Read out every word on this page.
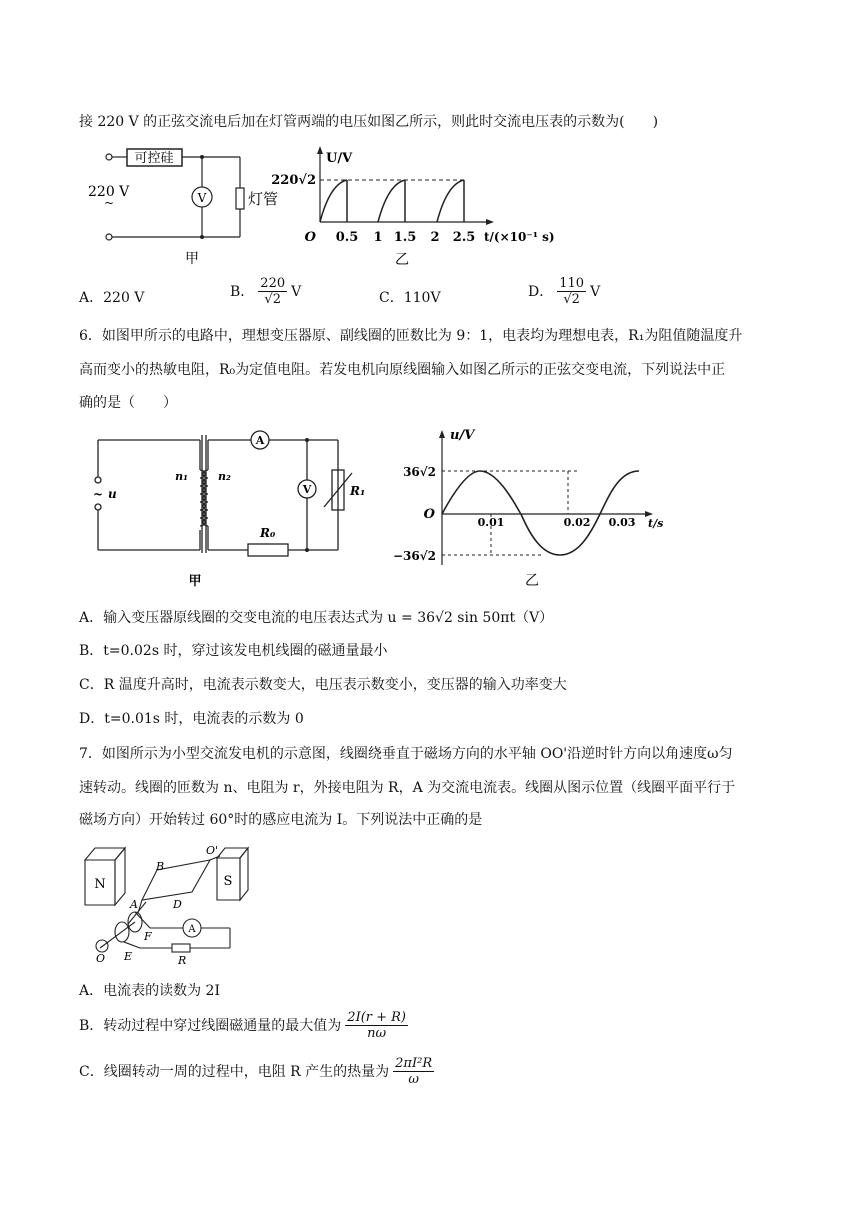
接 220 V 的正弦交流电后加在灯管两端的电压如图乙所示，则此时交流电压表的示数为(　　)
可控硅
220 V
~	V	灯管
甲
U/V
220√2
O 0.5 1 1.5 2 2.5 t/(×10⁻¹ s)
乙
A．220 V	B． $\frac{220}{√2}$ V	C．110V	D． $\frac{110}{√2}$ V
6．如图甲所示的电路中，理想变压器原、副线圈的匝数比为 9：1，电表均为理想电表，R₁为阻值随温度升
高而变小的热敏电阻，R₀为定值电阻。若发电机向原线圈输入如图乙所示的正弦交变电流，下列说法中正
确的是（　　）
A
V
n₁	n₂
~ u	R₁
R₀
甲
u/V
36√2
−36√2
O
0.01	0.02 0.03 t/s
乙
A．输入变压器原线圈的交变电流的电压表达式为 u = 36√2 sin 50πt（V）
B．t=0.02s 时，穿过该发电机线圈的磁通量最小
C．R 温度升高时，电流表示数变大，电压表示数变小，变压器的输入功率变大
D．t=0.01s 时，电流表的示数为 0
7．如图所示为小型交流发电机的示意图，线圈绕垂直于磁场方向的水平轴 OO'沿逆时针方向以角速度ω匀
速转动。线圈的匝数为 n、电阻为 r，外接电阻为 R，A 为交流电流表。线圈从图示位置（线圈平面平行于
磁场方向）开始转过 60°时的感应电流为 I。下列说法中正确的是
N	S
B
O'
A	D
A
F
E
O	R
A．电流表的读数为 2I
B．转动过程中穿过线圈磁通量的最大值为 $\frac{2I(r + R)}{n\omega}$
C．线圈转动一周的过程中，电阻 R 产生的热量为 $\frac{\text{2πI²R}}{\omega}$
